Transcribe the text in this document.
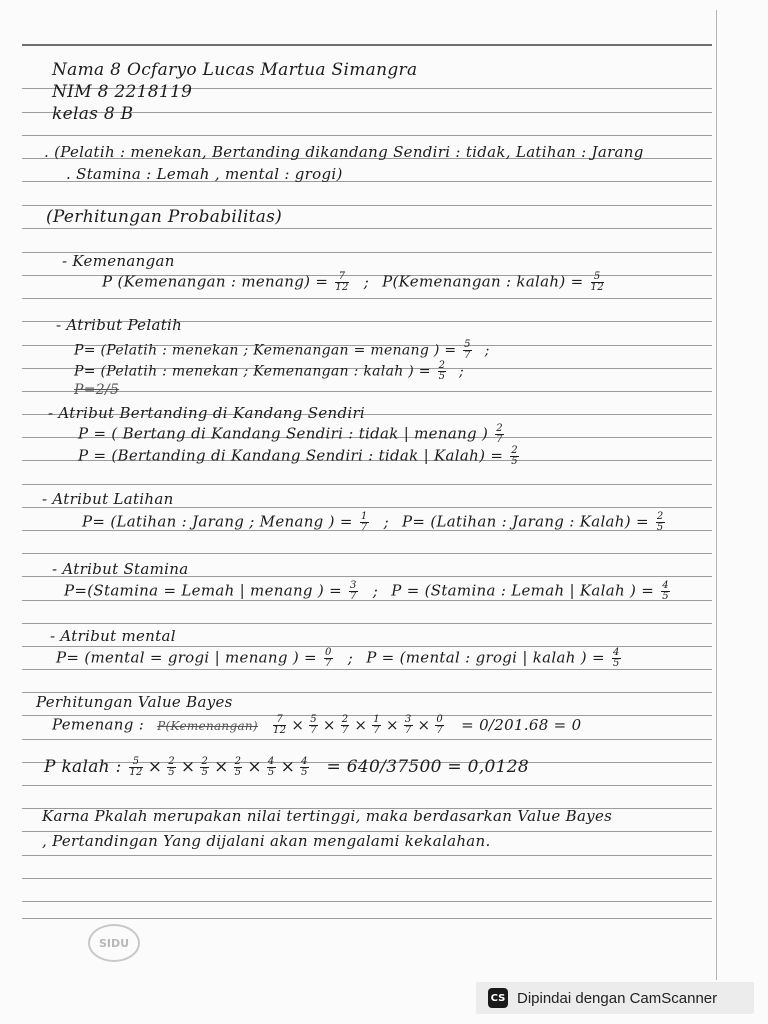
Nama 8 Ocfaryo Lucas Martua Simangra
NIM 8 2218119
kelas 8 B
. (Pelatih : menekan, Bertanding dikandang Sendiri : tidak, Latihan : Jarang
. Stamina : Lemah , mental : grogi)
(Perhitungan Probabilitas)
- Kemenangan
P (Kemenangan : menang) = $\frac{7}{12}$ ; P(Kemenangan : kalah) = $\frac{5}{12}$
- Atribut Pelatih
P= (Pelatih : menekan ; Kemenangan = menang ) = $\frac{5}{7}$ ;
P= (Pelatih : menekan ; Kemenangan : kalah ) = $\frac{2}{5}$ ;
P=2/5
- Atribut Bertanding di Kandang Sendiri
P = ( Bertang di Kandang Sendiri : tidak | menang ) $\frac{2}{7}$
P = (Bertanding di Kandang Sendiri : tidak | Kalah) = $\frac{2}{5}$
- Atribut Latihan
P= (Latihan : Jarang ; Menang ) = $\frac{1}{7}$ ; P= (Latihan : Jarang : Kalah) = $\frac{2}{5}$
- Atribut Stamina
P=(Stamina = Lemah | menang ) = $\frac{3}{7}$ ; P = (Stamina : Lemah | Kalah ) = $\frac{4}{5}$
- Atribut mental
P= (mental = grogi | menang ) = $\frac{0}{7}$ ; P = (mental : grogi | kalah ) = $\frac{4}{5}$
Perhitungan Value Bayes
Pemenang : P(Kemenangan) $\frac{7}{12} \times \frac{5}{7} \times \frac{2}{7} \times \frac{1}{7} \times \frac{3}{7} \times \frac{0}{7} = 0/201.68 = 0$
P kalah : $\frac{5}{12} \times \frac{2}{5} \times \frac{2}{5} \times \frac{2}{5} \times \frac{4}{5} \times \frac{4}{5} = 640/37500 = 0,0128$
Karna Pkalah merupakan nilai tertinggi, maka berdasarkan Value Bayes
, Pertandingan Yang dijalani akan mengalami kekalahan.
SIDU
CS Dipindai dengan CamScanner
